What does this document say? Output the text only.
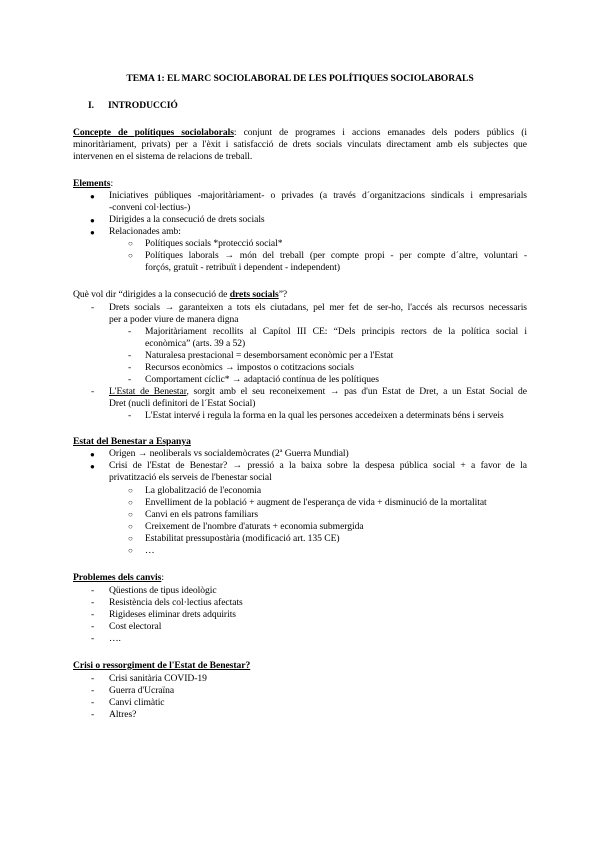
TEMA 1: EL MARC SOCIOLABORAL DE LES POLÍTIQUES SOCIOLABORALS
I. INTRODUCCIÓ
Concepte de polítiques sociolaborals: conjunt de programes i accions emanades dels poders públics (i
minoritàriament, privats) per a l'èxit i satisfacció de drets socials vinculats directament amb els subjectes que
intervenen en el sistema de relacions de treball.
Elements:
● Iniciatives públiques -majoritàriament- o privades (a través d´organitzacions sindicals i empresarials
-conveni col·lectius-)
● Dirigides a la consecució de drets socials
● Relacionades amb:
○ Polítiques socials *protecció social*
○ Polítiques laborals → món del treball (per compte propi - per compte d´altre, voluntari -
forçós, gratuït - retribuït i dependent - independent)
Què vol dir “dirigides a la consecució de drets socials”?
- Drets socials → garanteixen a tots els ciutadans, pel mer fet de ser-ho, l'accés als recursos necessaris
per a poder viure de manera digna
- Majoritàriament recollits al Capítol III CE: “Dels principis rectors de la política social i
econòmica” (arts. 39 a 52)
- Naturalesa prestacional = desemborsament econòmic per a l'Estat
- Recursos econòmics → impostos o cotitzacions socials
- Comportament cíclic* → adaptació contínua de les polítiques
- L'Estat de Benestar, sorgit amb el seu reconeixement → pas d'un Estat de Dret, a un Estat Social de
Dret (nucli definitori de l´Estat Social)
- L'Estat intervé i regula la forma en la qual les persones accedeixen a determinats béns i serveis
Estat del Benestar a Espanya
● Origen → neoliberals vs socialdemòcrates (2ª Guerra Mundial)
● Crisi de l'Estat de Benestar? → pressió a la baixa sobre la despesa pública social + a favor de la
privatització els serveis de l'benestar social
○ La globalització de l'economia
○ Envelliment de la població + augment de l'esperança de vida + disminució de la mortalitat
○ Canvi en els patrons familiars
○ Creixement de l'nombre d'aturats + economia submergida
○ Estabilitat pressupostària (modificació art. 135 CE)
○ …
Problemes dels canvis:
- Qüestions de tipus ideològic
- Resistència dels col·lectius afectats
- Rigideses eliminar drets adquirits
- Cost electoral
- ….
Crisi o ressorgiment de l'Estat de Benestar?
- Crisi sanitària COVID-19
- Guerra d'Ucraïna
- Canvi climàtic
- Altres?
